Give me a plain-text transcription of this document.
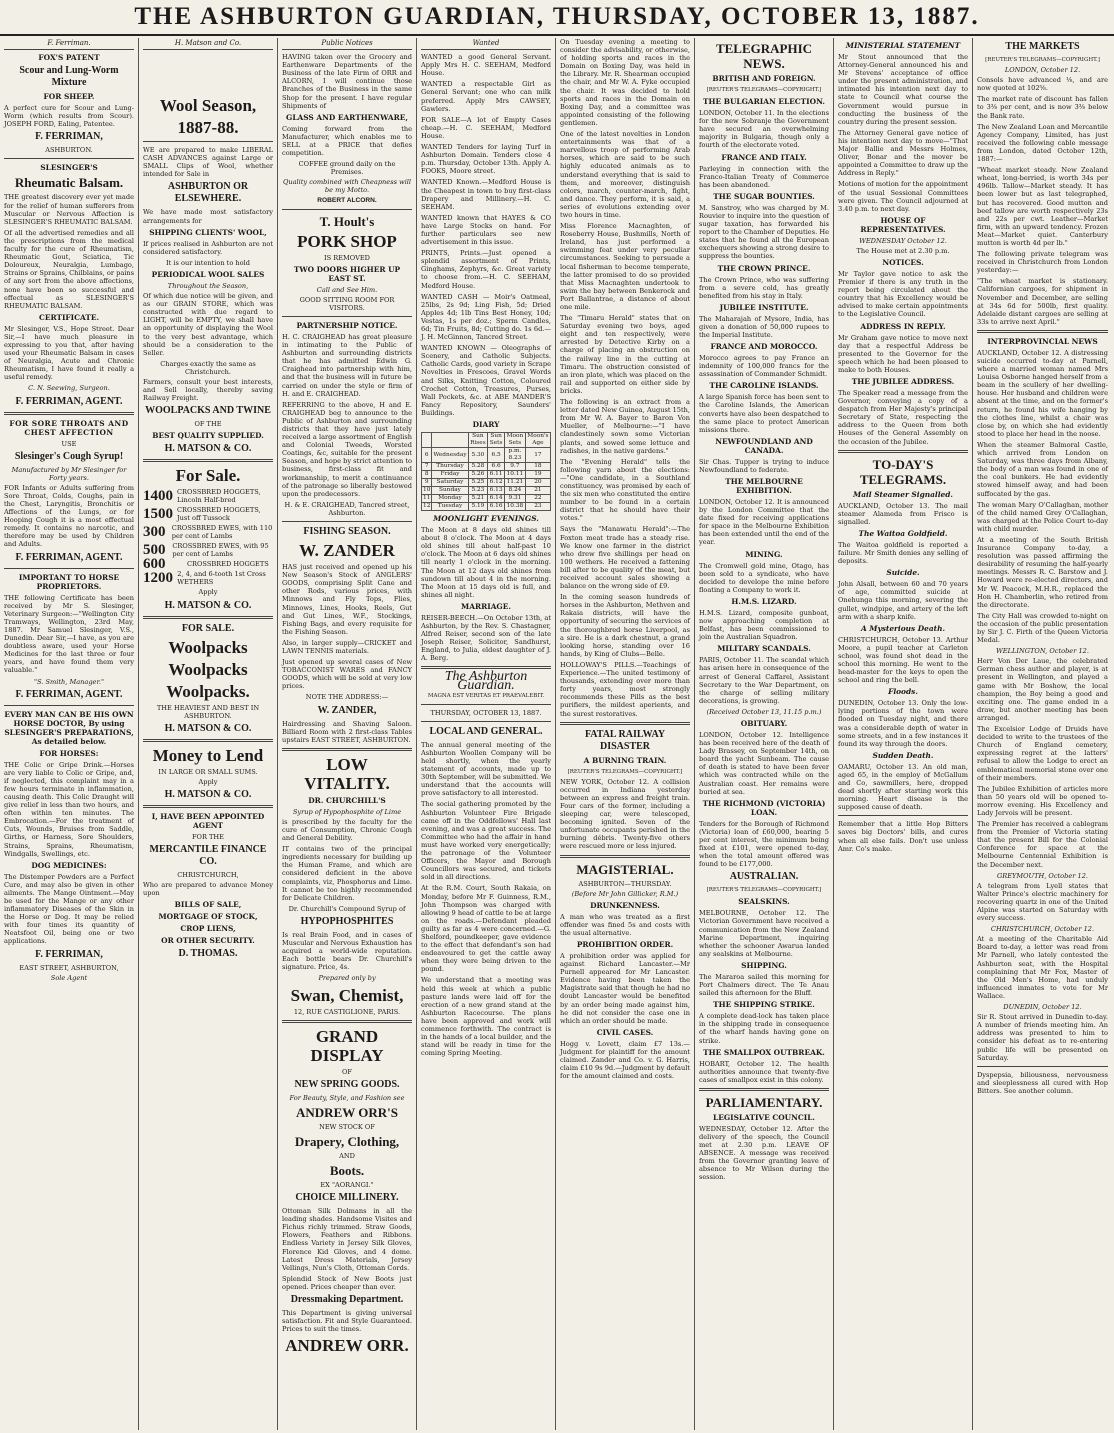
THE ASHBURTON GUARDIAN, THURSDAY, OCTOBER 13, 1887.
F. Ferriman.
FOX'S PATENT
Scour and Lung-Worm Mixture
FOR SHEEP.

A perfect cure for Scour and Lung-Worm (which results from Scour). JOSEPH FORD, Ealing, Patentee.

F. FERRIMAN,
ASHBURTON.
SLESINGER'S
Rheumatic Balsam.

THE greatest discovery ever yet made for the relief of human sufferers from Muscular or Nervous Affection is SLESINGER'S RHEUMATIC BALSAM.

Of all the advertised remedies and all the prescriptions from the medical faculty for the cure of Rheumatism, Rheumatic Gout, Sciatica, Tic Doloureux, Neuralgia, Lumbago, Strains or Sprains, Chilblains, or pains of any sort from the above affections, none have been so successful and effectual as SLESINGER'S RHEUMATIC BALSAM.

CERTIFICATE.

Mr Slesinger, V.S., Hope Street. Dear Sir,—I have much pleasure in expressing to you that, after having used your Rheumatic Balsam in cases of Neuralgia, Acute and Chronic Rheumatism, I have found it really a useful remedy.

C. N. Seewing, Surgeon.
F. FERRIMAN, AGENT.
FOR SORE THROATS AND CHEST AFFECTION
USE
Slesinger's Cough Syrup!
Manufactured by Mr Slesinger for Forty years.

FOR Infants or Adults suffering from Sore Throat, Colds, Coughs, pain in the Chest, Laryngitis, Bronchitis or Affections of the Lungs, or for Hooping Cough it is a most effectual remedy. It contains no narcotic, and therefore may be used by Children and Adults.

F. FERRIMAN, AGENT.
IMPORTANT TO HORSE PROPRIETORS.

THE following Certificate has been received by Mr S. Slesinger, Veterinary Surgeon:—"Wellington City Tramways, Wellington, 23rd May, 1887. Mr Samuel Slesinger, V.S., Dunedin. Dear Sir,—I have, as you are doubtless aware, used your Horse Medicines for the last three or four years, and have found them very valuable."

"S. Smith, Manager."
F. FERRIMAN, AGENT.
EVERY MAN CAN BE HIS OWN HORSE DOCTOR, By using SLESINGER'S PREPARATIONS, As detailed below.
FOR HORSES:

THE Colic or Gripe Drink.—Horses are very liable to Colic or Gripe, and, if neglected, this complaint may in a few hours terminate in inflammation, causing death. This Colic Draught will give relief in less than two hours, and often within ten minutes. The Embrocation.—For the treatment of Cuts, Wounds, Bruises from Saddle, Girths, or Harness, Sore Shoulders, Strains, Sprains, Rheumatism, Windgalls, Swellings, etc.

DOG MEDICINES:

The Distemper Powders are a Perfect Cure, and may also be given in other ailments. The Mange Ointment.—May be used for the Mange or any other inflammatory Diseases of the Skin in the Horse or Dog. It may be relied with four times its quantity of Neatsfoot Oil, being one or two applications.

F. FERRIMAN,
EAST STREET, ASHBURTON,
Sole Agent
H. Matson and Co.
Wool Season,
1887-88.

WE are prepared to make LIBERAL CASH ADVANCES against Large or SMALL Clips of Wool, whether intended for Sale in

ASHBURTON OR ELSEWHERE.

We have made most satisfactory arrangements for

SHIPPING CLIENTS' WOOL,

If prices realised in Ashburton are not considered satisfactory.

It is our intention to hold
PERIODICAL WOOL SALES
Throughout the Season,

Of which due notice will be given, and as our GRAIN STORE, which was constructed with due regard to LIGHT, will be EMPTY, we shall have an opportunity of displaying the Wool to the very best advantage, which should be a consideration to the Seller.

Charges exactly the same as Christchurch.

Farmers, consult your best interests, and Sell locally, thereby saving Railway Freight.

WOOLPACKS AND TWINE
OF THE
BEST QUALITY SUPPLIED.
H. MATSON & CO.
For Sale.
1400 CROSSBRED HOGGETS, Lincoln Half-bred
1500 CROSSBRED HOGGETS, Just off Tussock
300 CROSSBRED EWES, with 110 per cent of Lambs
500	CROSSBRED EWES, with 95 per cent of Lambs
600	CROSSBRED HOGGETS
1200 2, 4, and 6-tooth 1st Cross WETHERS
Apply
H. MATSON & CO.
FOR SALE.
Woolpacks
Woolpacks
Woolpacks.
THE HEAVIEST AND BEST IN ASHBURTON.
H. MATSON & CO.
Money to Lend
IN LARGE OR SMALL SUMS.
Apply
H. MATSON & CO.
I, HAVE BEEN APPOINTED AGENT
FOR THE
MERCANTILE FINANCE CO.
CHRISTCHURCH,

Who are prepared to advance Money upon

BILLS OF SALE,
MORTGAGE OF STOCK,
CROP LIENS,
OR OTHER SECURITY.
D. THOMAS.
Public Notices

HAVING taken over the Grocery and Earthenware Departments of the Business of the late Firm of ORR and ALCORN, I will continue those Branches of the Business in the same Shop for the present. I have regular Shipments of

GLASS AND EARTHENWARE,

Coming forward from the Manufacturer, which enables me to SELL at a PRICE that defies competition.

COFFEE ground daily on the Premises.
Quality combined with Cheapness will be my Motto.
ROBERT ALCORN.
T. Hoult's
PORK SHOP
IS REMOVED
TWO DOORS HIGHER UP EAST ST.
Call and See Him.
GOOD SITTING ROOM FOR VISITORS.
PARTNERSHIP NOTICE.

H. C. CRAIGHEAD has great pleasure in intimating to the Public of Ashburton and surrounding districts that he has admitted Edwin G. Craighead into partnership with him, and that the business will in future be carried on under the style or firm of H. and E. CRAIGHEAD.

REFERRING to the above, H and E. CRAIGHEAD beg to announce to the Public of Ashburton and surrounding districts that they have just lately received a large assortment of English and Colonial Tweeds, Worsted Coatings, &c, suitable for the present Season, and hope by strict attention to business, first-class fit and workmanship, to merit a continuance of the patronage so liberally bestowed upon the predecessors.

H. & E. CRAIGHEAD, Tancred street, Ashburton.
FISHING SEASON.
W. ZANDER

HAS just received and opened up his New Season's Stock of ANGLERS' GOODS, comprising Split Cane and other Rods, various prices, with Minnows and Fly Tops, Flies, Minnows, Lines, Hooks, Reels, Gut and Gut Lines, W.F., Stockings, Fishing Bags, and every requisite for the Fishing Season.

Also, in larger supply—CRICKET and LAWN TENNIS materials.

Just opened up several cases of New TOBACCONIST WARES and FANCY GOODS, which will be sold at very low prices.

NOTE THE ADDRESS:—
W. ZANDER,

Hairdressing and Shaving Saloon. Billiard Room with 2 first-class Tables upstairs EAST STREET, ASHBURTON.

LOW VITALITY.
DR. CHURCHILL'S
Syrup of Hypophosphite of Lime

is prescribed by the faculty for the cure of Consumption, Chronic Cough and General Debility.

IT contains two of the principal ingredients necessary for building up the Human Frame, and which are considered deficient in the above complaints, viz, Phosphorus and Lime. It cannot be too highly recommended for Delicate Children.

Dr. Churchill's Compound Syrup of
HYPOPHOSPHITES

Is real Brain Food, and in cases of Muscular and Nervous Exhaustion has acquired a world-wide reputation. Each bottle bears Dr. Churchill's signature. Price, 4s.

Prepared only by
Swan, Chemist,
12, RUE CASTIGLIONE, PARIS.
GRAND DISPLAY
OF
NEW SPRING GOODS.
For Beauty, Style, and Fashion see
ANDREW ORR'S
NEW STOCK OF
Drapery, Clothing,
AND
Boots.
EX "AORANGI."
CHOICE MILLINERY.

Ottoman Silk Dolmans in all the leading shades. Handsome Visites and Fichus richly trimmed. Straw Goods, Flowers, Feathers and Ribbons. Endless Variety in Jersey Silk Gloves, Florence Kid Gloves, and 4 dome. Latest Dress Materials, Jersey Vellings, Nun's Cloth, Ottoman Cords.

Splendid Stock of New Boots just opened. Prices cheaper than ever.

Dressmaking Department.

This Department is giving universal satisfaction. Fit and Style Guaranteed. Prices to suit the times.

ANDREW ORR.
Wanted

WANTED a good General Servant. Apply Mrs H. C. SEEHAM, Medford House.

WANTED a respectable Girl as General Servant; one who can milk preferred. Apply Mrs CAWSEY, Gawlers.

FOR SALE—A lot of Empty Cases cheap.—H. C. SEEHAM, Medford House.

WANTED Tenders for laying Turf in Ashburton Domain. Tenders close 4 p.m. Thursday, October 13th. Apply A. FOOKS, Moore street.

WANTED Known.—Medford House is the Cheapest in town to buy first-class Drapery and Millinery.—H. C. SEEHAM.

WANTED known that HAYES & CO have Large Stocks on hand. For further particulars see new advertisement in this issue.

PRINTS, Prints.—Just opened a splendid assortment of Prints, Ginghams, Zephyrs, &c. Great variety to choose from.—H. C. SEEHAM, Medford House.

WANTED CASH — Moir's Oatmeal, 25lbs, 2s 9d; Ling Fish, 5d; Dried Apples 4d; 1lb Tins Best Honey, 10d; Vestas, 1s per doz.; Sperm Candles, 6d; Tin Fruits, 8d; Cutting do. 1s 6d.—J. H. McGinnon, Tancred Street.

WANTED KNOWN — Oleographs of Scenery, and Catholic Subjects. Catholic Cards, good variety in Scrape Novelties in Frescoes, Gravel Words and Silks, Knitting Cotton, Coloured Crochet Cotton, Treasures, Purses, Wall Pockets, &c. at ABE MANDER'S Fancy Repository, Saunders' Buildings.

DIARY
		Sun Rises	Sun Sets	Moon Sets	Moon's Age
6	Wednesday	5.30	6.5	p.m. 8.23	17
7	Thursday	5.28	6.6	9.7	18
8	Friday	5.26	6.11	10.11	19
9	Saturday	5.25	6.12	11.21	20
10	Sunday	5.23	6.13	8.24	21
11	Monday	5.21	6.14	9.31	22
12	Tuesday	5.19	6.16	10.38	23
MOONLIGHT EVENINGS.

The Moon at 8 days old shines till about 8 o'clock. The Moon at 4 days old shines till about half-past 10 o'clock. The Moon at 6 days old shines till nearly 1 o'clock in the morning. The Moon at 12 days old shines from sundown till about 4 in the morning. The Moon at 15 days old is full, and shines all night.

MARRIAGE.

REISER-BEECH.—On October 13th, at Ashburton, by the Rev. S. Chastagner, Alfred Reiser, second son of the late Joseph Reiser, Solicitor, Sandhurst, England, to Julia, eldest daughter of J. A. Berg.

The Ashburton Guardian.
MAGNA EST VERITAS ET PRAEVALEBIT.
THURSDAY, OCTOBER 13, 1887.
LOCAL AND GENERAL.

The annual general meeting of the Ashburton Woollen Company will be held shortly, when the yearly statement of accounts, made up to 30th September, will be submitted. We understand that the accounts will prove satisfactory to all interested.

The social gathering promoted by the Ashburton Volunteer Fire Brigade came off in the Oddfellows' Hall last evening, and was a great success. The Committee who had the affair in hand must have worked very energetically; the patronage of the Volunteer Officers, the Mayor and Borough Councillors was secured, and tickets sold in all directions.

At the R.M. Court, South Rakaia, on Monday, before Mr F. Guinness, R.M., John Thompson was charged with allowing 9 head of cattle to be at large on the roads.—Defendant pleaded guilty as far as 4 were concerned.—G. Shelford, poundkeeper, gave evidence to the effect that defendant's son had endeavoured to get the cattle away when they were being driven to the pound.

We understand that a meeting was held this week at which a public pasture lands were laid off for the erection of a new grand stand at the Ashburton Racecourse. The plans have been approved and work will commence forthwith. The contract is in the hands of a local builder, and the stand will be ready in time for the coming Spring Meeting.

On Tuesday evening a meeting to consider the advisability, or otherwise, of holding sports and races in the Domain on Boxing Day, was held in the Library. Mr. R. Shearman occupied the chair, and Mr W. A. Fyke occupied the chair. It was decided to hold sports and races in the Domain on Boxing Day, and a committee was appointed consisting of the following gentlemen.

One of the latest novelties in London entertainments was that of a marvellous troop of performing Arab horses, which are said to be such highly educated animals as to understand everything that is said to them, and moreover, distinguish colors, march, counter-march, fight, and dance. They perform, it is said, a series of evolutions extending over two hours in time.

Miss Florence Macnaghten, of Roseberry House, Bushmills, North of Ireland, has just performed a swimming feat under very peculiar circumstances. Seeking to persuade a local fisherman to become temperate, the latter promised to do so provided that Miss Macnaghten undertook to swim the bay between Benkerock and Port Ballantrae, a distance of about one mile.

The "Timaru Herald" states that on Saturday evening two boys, aged eight and ten respectively, were arrested by Detective Kirby on a charge of placing an obstruction on the railway line in the cutting at Timaru. The obstruction consisted of an iron plate, which was placed on the rail and supported on either side by bricks.

The following is an extract from a letter dated New Guinea, August 15th, from Mr W. A. Bayer to Baron Von Mueller, of Melbourne:—"I have clandestinely sown some Victorian plants, and sowed some lettuce and radishes, in the native gardens."

The "Evening Herald" tells the following yarn about the elections:—"One candidate, in a Southland constituency, was promised by each of the six men who constituted the entire number to be found in a certain district that he should have their votes."

Says the "Manawatu Herald":—The Foxton meat trade has a steady rise. We know one farmer in the district who drew five shillings per head on 100 wethers. He received a fattening bill after to be quality of the meat, but received account sales showing a balance on the wrong side of £9.

In the coming season hundreds of horses in the Ashburton, Methven and Rakaia districts, will have the opportunity of securing the services of the thoroughbred horse Liverpool, as a sire. He is a dark chestnut, a grand looking horse, standing over 16 hands, by King of Clubs—Belle.

HOLLOWAY'S PILLS.—Teachings of Experience.—The united testimony of thousands, extending over more than forty years, most strongly recommends these Pills as the best purifiers, the mildest aperients, and the surest restoratives.

FATAL RAILWAY DISASTER
A BURNING TRAIN.
[REUTER'S TELEGRAMS—COPYRIGHT.]

NEW YORK, October 12. A collision occurred in Indiana yesterday between an express and freight train. Four cars of the former, including a sleeping car, were telescoped, becoming ignited. Seven of the unfortunate occupants perished in the burning débris. Twenty-five others were rescued more or less injured.

MAGISTERIAL.
ASHBURTON—THURSDAY.
(Before Mr John Gillicker, R.M.)
DRUNKENNESS.

A man who was treated as a first offender was fined 5s and costs with the usual alternative.

PROHIBITION ORDER.

A prohibition order was applied for against Richard Lancaster.—Mr Purnell appeared for Mr Lancaster. Evidence having been taken the Magistrate said that though he had no doubt Lancaster would be benefited by an order being made against him, he did not consider the case one in which an order should be made.

CIVIL CASES.

Hogg v. Lovett, claim £7 13s.—Judgment for plaintiff for the amount claimed. Zander and Co. v. G. Harris, claim £10 9s 9d.—Judgment by default for the amount claimed and costs.

TELEGRAPHIC NEWS.
BRITISH AND FOREIGN.
[REUTER'S TELEGRAMS—COPYRIGHT.]
THE BULGARIAN ELECTION.

LONDON, October 11. In the elections for the new Sobranje the Government have secured an overwhelming majority in Bulgaria, though only a fourth of the electorate voted.

FRANCE AND ITALY.

Parleying in connection with the Franco-Italian Treaty of Commerce has been abandoned.

THE SUGAR BOUNTIES.

M. Sanstroy, who was charged by M. Rouvier to inquire into the question of sugar taxation, has forwarded his report to the Chamber of Deputies. He states that he found all the European exchequers showing a strong desire to suppress the bounties.

THE CROWN PRINCE.

The Crown Prince, who was suffering from a severe cold, has greatly benefited from his stay in Italy.

JUBILEE INSTITUTE.

The Maharajah of Mysore, India, has given a donation of 50,000 rupees to the Imperial Institute.

FRANCE AND MOROCCO.

Morocco agrees to pay France an indemnity of 100,000 francs for the assassination of Commander Schmidt.

THE CAROLINE ISLANDS.

A large Spanish force has been sent to the Caroline Islands, the American converts have also been despatched to the same place to protect American missions there.

NEWFOUNDLAND AND CANADA.

Sir Chas. Tupper is trying to induce Newfoundland to federate.

THE MELBOURNE EXHIBITION.

LONDON, October 12. It is announced by the London Committee that the date fixed for receiving applications for space in the Melbourne Exhibition has been extended until the end of the year.

MINING.

The Cromwell gold mine, Otago, has been sold to a syndicate, who have decided to develope the mine before floating a Company to work it.

H.M.S. LIZARD.

H.M.S. Lizard, composite gunboat, now approaching completion at Belfast, has been commissioned to join the Australian Squadron.

MILITARY SCANDALS.

PARIS, October 11. The scandal which has arisen here in consequence of the arrest of General Caffarel, Assistant Secretary to the War Department, on the charge of selling military decorations, is growing.

(Received October 13, 11.15 p.m.)
OBITUARY.

LONDON, October 12. Intelligence has been received here of the death of Lady Brassey, on September 14th, on board the yacht Sunbeam. The cause of death is stated to have been fever which was contracted while on the Australian coast. Her remains were buried at sea.

THE RICHMOND (VICTORIA) LOAN.

Tenders for the Borough of Richmond (Victoria) loan of £60,000, bearing 5 per cent interest, the minimum being fixed at £101, were opened to-day, when the total amount offered was found to be £177,000.

AUSTRALIAN.
[REUTER'S TELEGRAMS—COPYRIGHT.]
SEALSKINS.

MELBOURNE, October 12. The Victorian Government have received a communication from the New Zealand Marine Department, inquiring whether the schooner Awarua landed any sealskins at Melbourne.

SHIPPING.

The Mararoa sailed this morning for Port Chalmers direct. The Te Anau sailed this afternoon for the Bluff.

THE SHIPPING STRIKE.

A complete dead-lock has taken place in the shipping trade in consequence of the wharf hands having gone on strike.

THE SMALLPOX OUTBREAK.

HOBART, October 12. The health authorities announce that twenty-five cases of smallpox exist in this colony.

PARLIAMENTARY.
LEGISLATIVE COUNCIL.

WEDNESDAY, October 12. After the delivery of the speech, the Council met at 2.30 p.m. LEAVE OF ABSENCE. A message was received from the Governor granting leave of absence to Mr Wilson during the session.

MINISTERIAL STATEMENT

Mr Stout announced that the Attorney-General announced his and Mr Stevens' acceptance of office under the present administration, and intimated his intention next day to state to Council what course the Government would pursue in conducting the business of the country during the present session.

The Attorney General gave notice of his intention next day to move—"That Major Ballie and Messrs Holmes, Oliver, Bonar and the mover be appointed a Committee to draw up the Address in Reply."

Motions of motion for the appointment of the usual Sessional Committees were given. The Council adjourned at 3.40 p.m. to next day.

HOUSE OF REPRESENTATIVES.
WEDNESDAY October 12.
The House met at 2.30 p.m.
NOTICES.

Mr Taylor gave notice to ask the Premier if there is any truth in the report being circulated about the country that his Excellency would be advised to make certain appointments to the Legislative Council.

ADDRESS IN REPLY.

Mr Graham gave notice to move next day that a respectful Address be presented to the Governor for the speech which he had been pleased to make to both Houses.

THE JUBILEE ADDRESS.

The Speaker read a message from the Governor, conveying a copy of a despatch from Her Majesty's principal Secretary of State, respecting the address to the Queen from both Houses of the General Assembly on the occasion of the Jubilee.

TO-DAY'S TELEGRAMS.
Mail Steamer Signalled.

AUCKLAND, October 13. The mail steamer Alameda from Frisco is signalled.

The Waitoa Goldfield.

The Waitoa goldfield is reported a failure. Mr Smith denies any selling of deposits.

Suicide.

John Alsall, between 60 and 70 years of age, committed suicide at Onehunga this morning, severing the gullet, windpipe, and artery of the left arm with a sharp knife.

A Mysterious Death.

CHRISTCHURCH, October 13. Arthur Moore, a pupil teacher at Carleton school, was found shot dead in the school this morning. He went to the head-master for the keys to open the school and ring the bell.

Floods.

DUNEDIN, October 13. Only the low-lying portions of the town were flooded on Tuesday night, and there was a considerable depth of water in some streets, and in a few instances it found its way through the doors.

Sudden Death.

OAMARU, October 13. An old man, aged 65, in the employ of McGallum and Co, sawmillers, here, dropped dead shortly after starting work this morning. Heart disease is the supposed cause of death.

Remember that a little Hop Bitters saves big Doctors' bills, and cures when all else fails. Don't use unless Amr. Co's make.

THE MARKETS
[REUTER'S TELEGRAMS—COPYRIGHT.]
LONDON, October 12.

Consols have advanced ⅛, and are now quoted at 102⅝.

The market rate of discount has fallen to 3⅜ per cent, and is now 3⅜ below the Bank rate.

The New Zealand Loan and Mercantile Agency Company, Limited, has just received the following cable message from London, dated October 12th, 1887:—

"Wheat market steady. New Zealand wheat, long-berried, is worth 34s per 496lb. Tallow—Market steady. It has been lower but as last telegraphed, but has recovered. Good mutton and beef tallow are worth respectively 23s and 22s per cwt. Leather—Market firm, with an upward tendency. Frozen Meat—Market quiet. Canterbury mutton is worth 4d per lb."

The following private telegram was received in Christchurch from London yesterday:—

"The wheat market is stationary. Californian cargoes, for shipment in November and December, are selling at 34s 6d for 500lb, first quality. Adelaide distant cargoes are selling at 33s to arrive next April."

INTERPROVINCIAL NEWS

AUCKLAND, October 12. A distressing suicide occurred to-day at Parnell, where a married woman named Mrs Louisa Osborne hanged herself from a beam in the scullery of her dwelling-house. Her husband and children were absent at the time, and on the former's return, he found his wife hanging by the clothes line, whilst a chair was close by, on which she had evidently stood to place her head in the noose.

When the steamer Balmoral Castle, which arrived from London on Saturday, was three days from Albany, the body of a man was found in one of the coal bunkers. He had evidently stowed himself away, and had been suffocated by the gas.

The woman Mary O'Callaghan, mother of the child named Grey O'Callaghan, was charged at the Police Court to-day with child murder.

At a meeting of the South British Insurance Company to-day, a resolution was passed affirming the desirability of resuming the half-yearly meetings. Messrs R. C. Barstow and J. Howard were re-elected directors, and Mr W. Peacock, M.H.R., replaced the Hon H. Chamberlin, who retired from the directorate.

The City Hall was crowded to-night on the occasion of the public presentation by Sir J. C. Firth of the Queen Victoria Medal.

WELLINGTON, October 12.

Herr Von Der Laue, the celebrated German chess author and player, is at present in Wellington, and played a game with Mr Boshow, the local champion, the Boy being a good and exciting one. The game ended in a draw, but another meeting has been arranged.

The Excelsior Lodge of Druids have decided to write to the trustees of the Church of England cemetery, expressing regret at the latters' refusal to allow the Lodge to erect an emblematical memorial stone over one of their members.

The Jubilee Exhibition of articles more than 50 years old will be opened to-morrow evening. His Excellency and Lady Jervois will be present.

The Premier has received a cablegram from the Premier of Victoria stating that the present Bill for the Colonial Conference for space at the Melbourne Centennial Exhibition is the December next.

GREYMOUTH, October 12.

A telegram from Lyell states that Walter Prince's electric machinery for recovering quartz in one of the United Alpine was started on Saturday with every success.

CHRISTCHURCH, October 12.

At a meeting of the Charitable Aid Board to-day, a letter was read from Mr Parnell, who lately contested the Ashburton seat, with the Hospital complaining that Mr Fox, Master of the Old Men's Home, had unduly influenced inmates to vote for Mr Wallace.

DUNEDIN, October 12.

Sir R. Stout arrived in Dunedin to-day. A number of friends meeting him. An address was presented to him to consider his defeat as to re-entering public life will be presented on Saturday.

Dyspepsia, biliousness, nervousness and sleeplessness all cured with Hop Bitters. See another column.
